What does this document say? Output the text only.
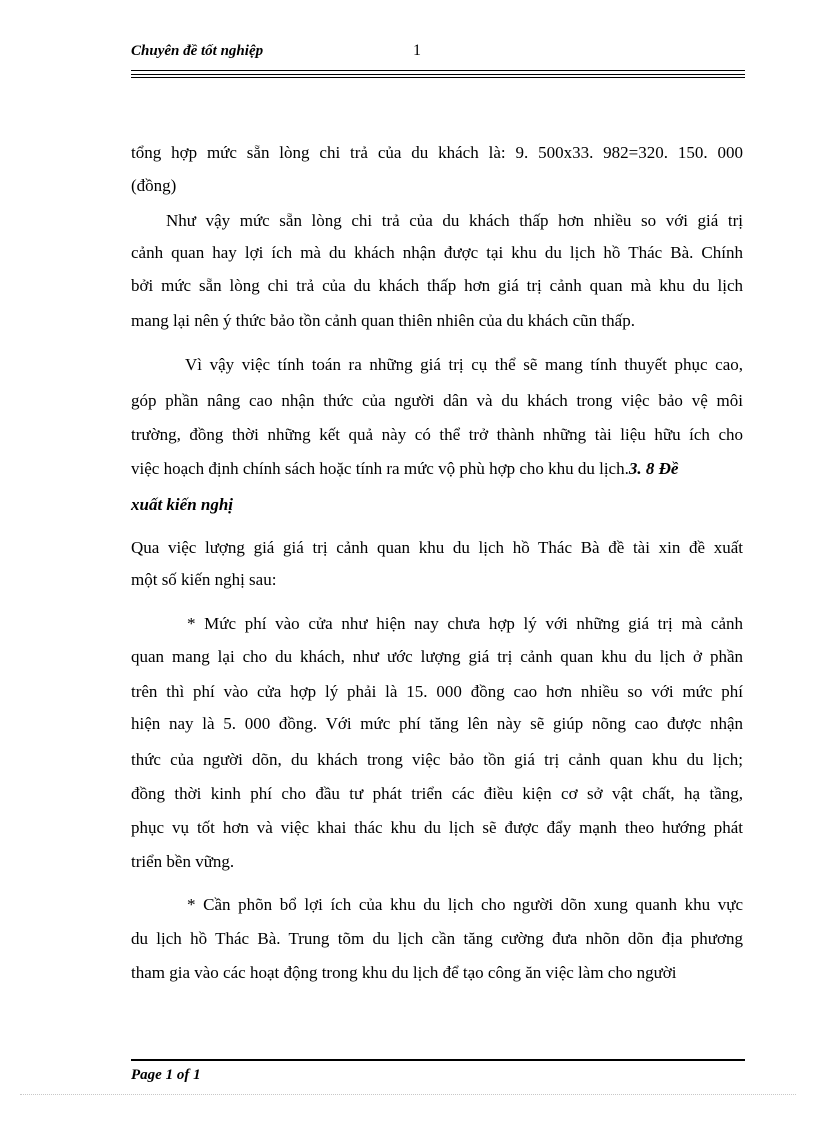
Chuyên đề tốt nghiệp	1
tổng hợp mức sẵn lòng chi trả của du khách là: 9. 500x33. 982=320. 150. 000
(đồng)
Như vậy mức sẵn lòng chi trả của du khách thấp hơn nhiều so với giá trị
cảnh quan hay lợi ích mà du khách nhận được tại khu du lịch hồ Thác Bà. Chính
bởi mức sẵn lòng chi trả của du khách thấp hơn giá trị cảnh quan mà khu du lịch
mang lại nên ý thức bảo tồn cảnh quan thiên nhiên của du khách cũn thấp.
Vì vậy việc tính toán ra những giá trị cụ thể sẽ mang tính thuyết phục cao,
góp phần nâng cao nhận thức của người dân và du khách trong việc bảo vệ môi
trường, đồng thời những kết quả này có thể trở thành những tài liệu hữu ích cho
việc hoạch định chính sách hoặc tính ra mức vộ phù hợp cho khu du lịch.3. 8 Đề
xuất kiến nghị
Qua việc lượng giá giá trị cảnh quan khu du lịch hồ Thác Bà đề tài xin đề xuất
một số kiến nghị sau:
* Mức phí vào cửa như hiện nay chưa hợp lý với những giá trị mà cảnh
quan mang lại cho du khách, như ước lượng giá trị cảnh quan khu du lịch ở phần
trên thì phí vào cửa hợp lý phải là 15. 000 đồng cao hơn nhiều so với mức phí
hiện nay là 5. 000 đồng. Với mức phí tăng lên này sẽ giúp nõng cao được nhận
thức của người dõn, du khách trong việc bảo tồn giá trị cảnh quan khu du lịch;
đồng thời kinh phí cho đầu tư phát triển các điều kiện cơ sở vật chất, hạ tầng,
phục vụ tốt hơn và việc khai thác khu du lịch sẽ được đẩy mạnh theo hướng phát
triển bền vững.
* Cần phõn bổ lợi ích của khu du lịch cho người dõn xung quanh khu vực
du lịch hồ Thác Bà. Trung tõm du lịch cần tăng cường đưa nhõn dõn địa phương
tham gia vào các hoạt động trong khu du lịch để tạo công ăn việc làm cho người
Page 1 of 1
